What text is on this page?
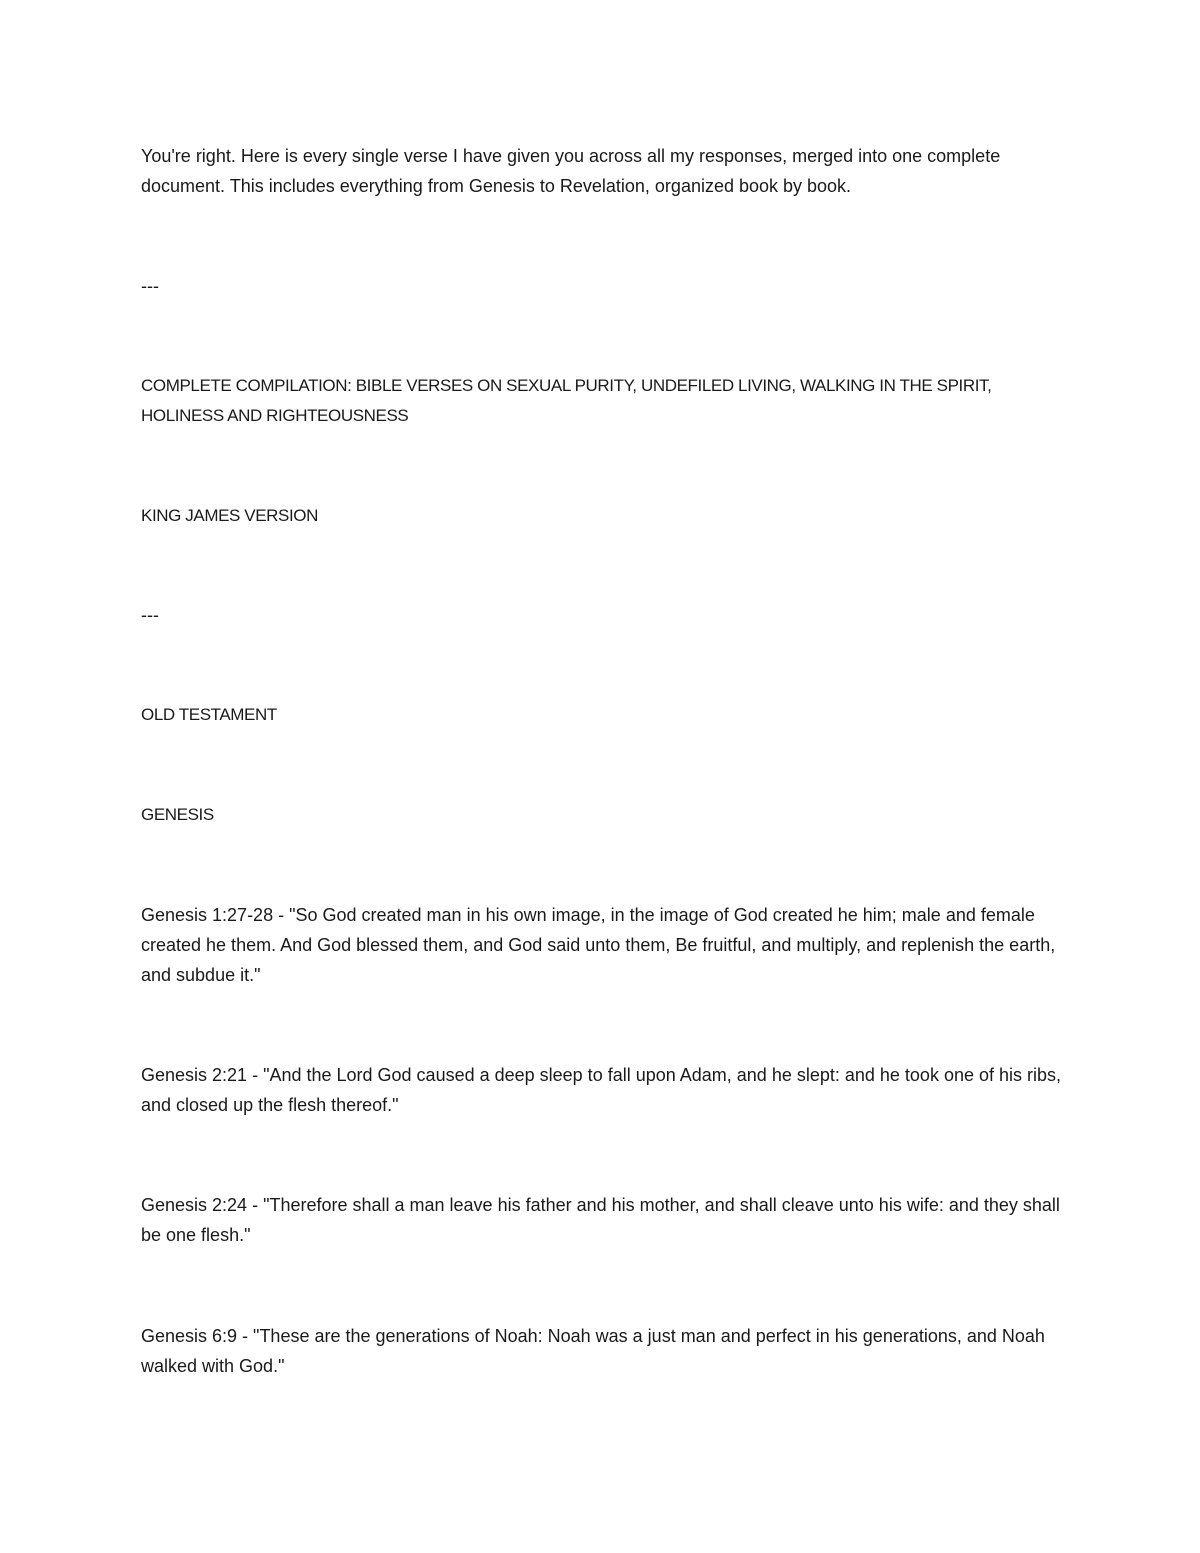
You're right. Here is every single verse I have given you across all my responses, merged into one complete document. This includes everything from Genesis to Revelation, organized book by book.

---

COMPLETE COMPILATION: BIBLE VERSES ON SEXUAL PURITY, UNDEFILED LIVING, WALKING IN THE SPIRIT, HOLINESS AND RIGHTEOUSNESS

KING JAMES VERSION

---

OLD TESTAMENT

GENESIS

Genesis 1:27-28 - "So God created man in his own image, in the image of God created he him; male and female created he them. And God blessed them, and God said unto them, Be fruitful, and multiply, and replenish the earth, and subdue it."

Genesis 2:21 - "And the Lord God caused a deep sleep to fall upon Adam, and he slept: and he took one of his ribs, and closed up the flesh thereof."

Genesis 2:24 - "Therefore shall a man leave his father and his mother, and shall cleave unto his wife: and they shall be one flesh."

Genesis 6:9 - "These are the generations of Noah: Noah was a just man and perfect in his generations, and Noah walked with God."
